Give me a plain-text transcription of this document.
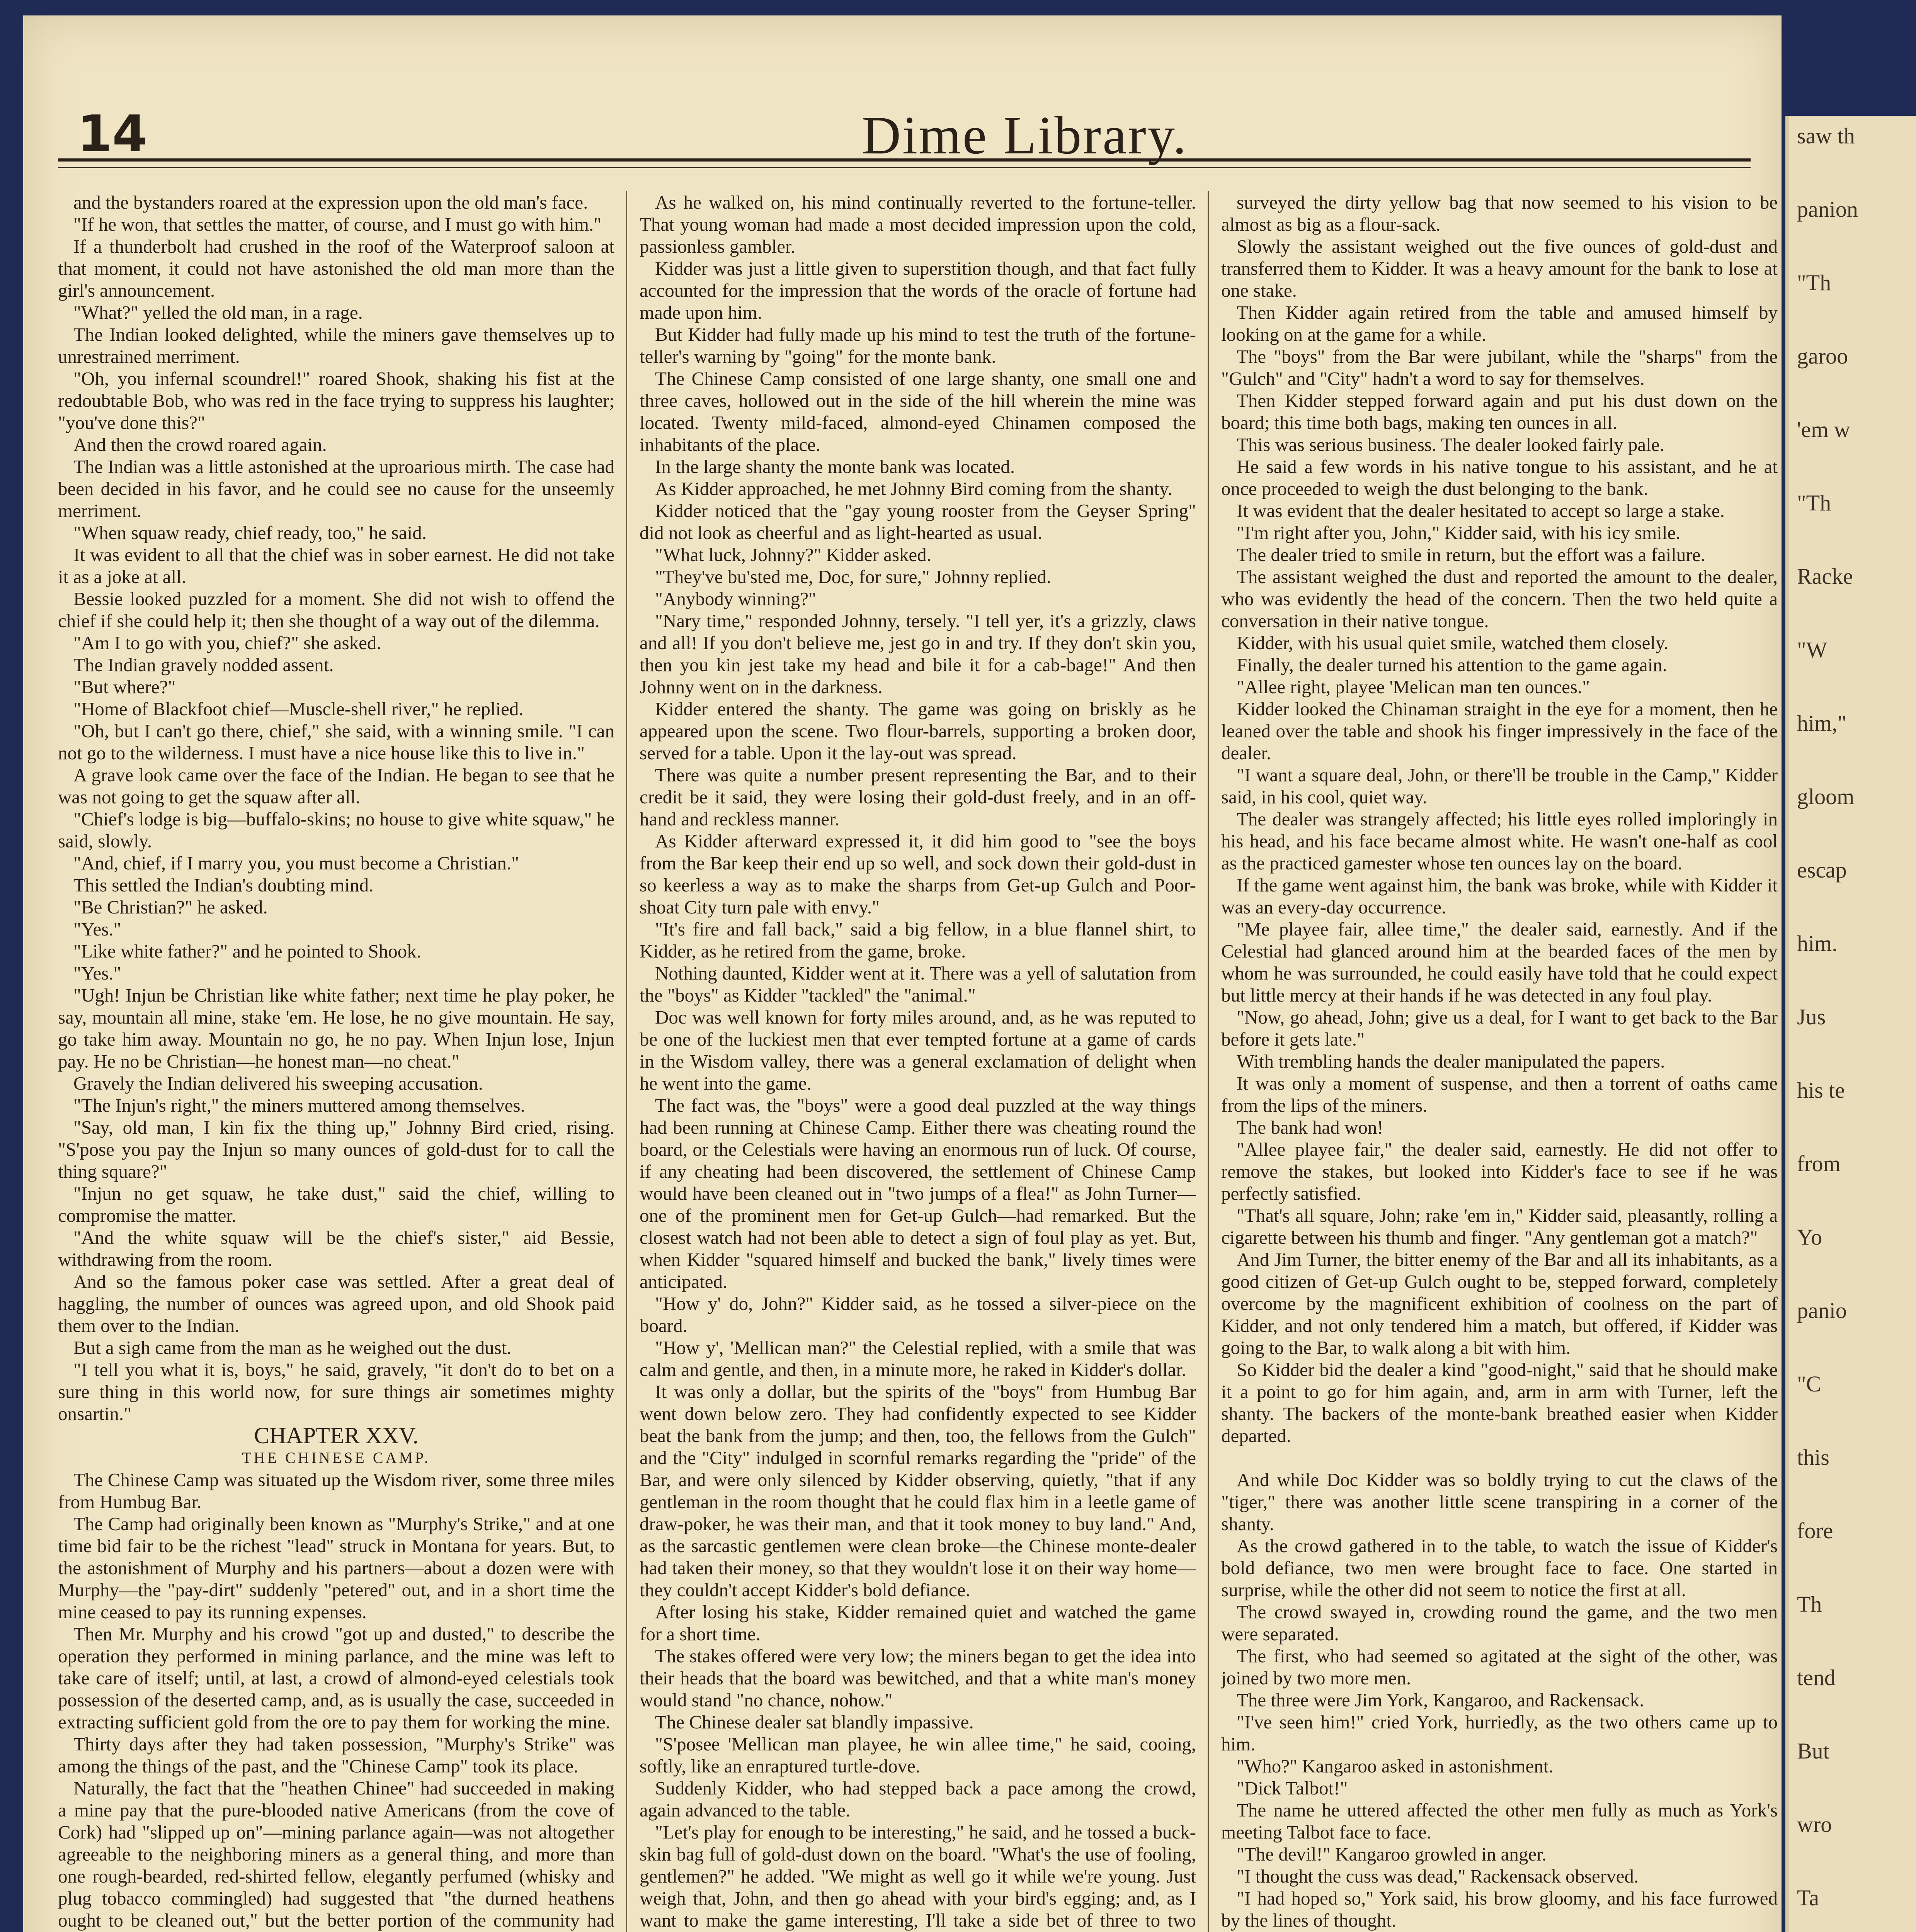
14	Dime Library.

and the bystanders roared at the expression upon the old man's face.

"If he won, that settles the matter, of course, and I must go with him."

If a thunderbolt had crushed in the roof of the Waterproof saloon at that moment, it could not have astonished the old man more than the girl's announcement.

"What?" yelled the old man, in a rage.

The Indian looked delighted, while the miners gave themselves up to unrestrained merriment.

"Oh, you infernal scoundrel!" roared Shook, shaking his fist at the redoubtable Bob, who was red in the face trying to suppress his laughter; "you've done this?"

And then the crowd roared again.

The Indian was a little astonished at the uproarious mirth. The case had been decided in his favor, and he could see no cause for the unseemly merriment.

"When squaw ready, chief ready, too," he said.

It was evident to all that the chief was in sober earnest. He did not take it as a joke at all.

Bessie looked puzzled for a moment. She did not wish to offend the chief if she could help it; then she thought of a way out of the dilemma.

"Am I to go with you, chief?" she asked.

The Indian gravely nodded assent.

"But where?"

"Home of Blackfoot chief—Muscle-shell river," he replied.

"Oh, but I can't go there, chief," she said, with a winning smile. "I can not go to the wilderness. I must have a nice house like this to live in."

A grave look came over the face of the Indian. He began to see that he was not going to get the squaw after all.

"Chief's lodge is big—buffalo-skins; no house to give white squaw," he said, slowly.

"And, chief, if I marry you, you must become a Christian."

This settled the Indian's doubting mind.

"Be Christian?" he asked.

"Yes."

"Like white father?" and he pointed to Shook.

"Yes."

"Ugh! Injun be Christian like white father; next time he play poker, he say, mountain all mine, stake 'em. He lose, he no give mountain. He say, go take him away. Mountain no go, he no pay. When Injun lose, Injun pay. He no be Christian—he honest man—no cheat."

Gravely the Indian delivered his sweeping accusation.

"The Injun's right," the miners muttered among themselves.

"Say, old man, I kin fix the thing up," Johnny Bird cried, rising. "S'pose you pay the Injun so many ounces of gold-dust for to call the thing square?"

"Injun no get squaw, he take dust," said the chief, willing to compromise the matter.

"And the white squaw will be the chief's sister," aid Bessie, withdrawing from the room.

And so the famous poker case was settled. After a great deal of haggling, the number of ounces was agreed upon, and old Shook paid them over to the Indian.

But a sigh came from the man as he weighed out the dust.

"I tell you what it is, boys," he said, gravely, "it don't do to bet on a sure thing in this world now, for sure things air sometimes mighty onsartin."

CHAPTER XXV.

THE CHINESE CAMP.

The Chinese Camp was situated up the Wisdom river, some three miles from Humbug Bar.

The Camp had originally been known as "Murphy's Strike," and at one time bid fair to be the richest "lead" struck in Montana for years. But, to the astonishment of Murphy and his partners—about a dozen were with Murphy—the "pay-dirt" suddenly "petered" out, and in a short time the mine ceased to pay its running expenses.

Then Mr. Murphy and his crowd "got up and dusted," to describe the operation they performed in mining parlance, and the mine was left to take care of itself; until, at last, a crowd of almond-eyed celestials took possession of the deserted camp, and, as is usually the case, succeeded in extracting sufficient gold from the ore to pay them for working the mine.

Thirty days after they had taken possession, "Murphy's Strike" was among the things of the past, and the "Chinese Camp" took its place.

Naturally, the fact that the "heathen Chinee" had succeeded in making a mine pay that the pure-blooded native Americans (from the cove of Cork) had "slipped up on"—mining parlance again—was not altogether agreeable to the neighboring miners as a general thing, and more than one rough-bearded, red-shirted fellow, elegantly perfumed (whisky and plug tobacco commingled) had suggested that "the durned heathens ought to be cleaned out," but the better portion of the community had

As he walked on, his mind continually reverted to the fortune-teller. That young woman had made a most decided impression upon the cold, passionless gambler.

Kidder was just a little given to superstition though, and that fact fully accounted for the impression that the words of the oracle of fortune had made upon him.

But Kidder had fully made up his mind to test the truth of the fortune-teller's warning by "going" for the monte bank.

The Chinese Camp consisted of one large shanty, one small one and three caves, hollowed out in the side of the hill wherein the mine was located. Twenty mild-faced, almond-eyed Chinamen composed the inhabitants of the place.

In the large shanty the monte bank was located.

As Kidder approached, he met Johnny Bird coming from the shanty.

Kidder noticed that the "gay young rooster from the Geyser Spring" did not look as cheerful and as light-hearted as usual.

"What luck, Johnny?" Kidder asked.

"They've bu'sted me, Doc, for sure," Johnny replied.

"Anybody winning?"

"Nary time," responded Johnny, tersely. "I tell yer, it's a grizzly, claws and all! If you don't believe me, jest go in and try. If they don't skin you, then you kin jest take my head and bile it for a cab-bage!" And then Johnny went on in the darkness.

Kidder entered the shanty. The game was going on briskly as he appeared upon the scene. Two flour-barrels, supporting a broken door, served for a table. Upon it the lay-out was spread.

There was quite a number present representing the Bar, and to their credit be it said, they were losing their gold-dust freely, and in an off-hand and reckless manner.

As Kidder afterward expressed it, it did him good to "see the boys from the Bar keep their end up so well, and sock down their gold-dust in so keerless a way as to make the sharps from Get-up Gulch and Poor-shoat City turn pale with envy."

"It's fire and fall back," said a big fellow, in a blue flannel shirt, to Kidder, as he retired from the game, broke.

Nothing daunted, Kidder went at it. There was a yell of salutation from the "boys" as Kidder "tackled" the "animal."

Doc was well known for forty miles around, and, as he was reputed to be one of the luckiest men that ever tempted fortune at a game of cards in the Wisdom valley, there was a general exclamation of delight when he went into the game.

The fact was, the "boys" were a good deal puzzled at the way things had been running at Chinese Camp. Either there was cheating round the board, or the Celestials were having an enormous run of luck. Of course, if any cheating had been discovered, the settlement of Chinese Camp would have been cleaned out in "two jumps of a flea!" as John Turner—one of the prominent men for Get-up Gulch—had remarked. But the closest watch had not been able to detect a sign of foul play as yet. But, when Kidder "squared himself and bucked the bank," lively times were anticipated.

"How y' do, John?" Kidder said, as he tossed a silver-piece on the board.

"How y', 'Mellican man?" the Celestial replied, with a smile that was calm and gentle, and then, in a minute more, he raked in Kidder's dollar.

It was only a dollar, but the spirits of the "boys" from Humbug Bar went down below zero. They had confidently expected to see Kidder beat the bank from the jump; and then, too, the fellows from the Gulch" and the "City" indulged in scornful remarks regarding the "pride" of the Bar, and were only silenced by Kidder observing, quietly, "that if any gentleman in the room thought that he could flax him in a leetle game of draw-poker, he was their man, and that it took money to buy land." And, as the sarcastic gentlemen were clean broke—the Chinese monte-dealer had taken their money, so that they wouldn't lose it on their way home—they couldn't accept Kidder's bold defiance.

After losing his stake, Kidder remained quiet and watched the game for a short time.

The stakes offered were very low; the miners began to get the idea into their heads that the board was bewitched, and that a white man's money would stand "no chance, nohow."

The Chinese dealer sat blandly impassive.

"S'posee 'Mellican man playee, he win allee time," he said, cooing, softly, like an enraptured turtle-dove.

Suddenly Kidder, who had stepped back a pace among the crowd, again advanced to the table.

"Let's play for enough to be interesting," he said, and he tossed a buck-skin bag full of gold-dust down on the board. "What's the use of fooling, gentlemen?" he added. "We might as well go it while we're young. Just weigh that, John, and then go ahead with your bird's egging; and, as I want to make the game interesting, I'll take a side bet of three to two

surveyed the dirty yellow bag that now seemed to his vision to be almost as big as a flour-sack.

Slowly the assistant weighed out the five ounces of gold-dust and transferred them to Kidder. It was a heavy amount for the bank to lose at one stake.

Then Kidder again retired from the table and amused himself by looking on at the game for a while.

The "boys" from the Bar were jubilant, while the "sharps" from the "Gulch" and "City" hadn't a word to say for themselves.

Then Kidder stepped forward again and put his dust down on the board; this time both bags, making ten ounces in all.

This was serious business. The dealer looked fairly pale.

He said a few words in his native tongue to his assistant, and he at once proceeded to weigh the dust belonging to the bank.

It was evident that the dealer hesitated to accept so large a stake.

"I'm right after you, John," Kidder said, with his icy smile.

The dealer tried to smile in return, but the effort was a failure.

The assistant weighed the dust and reported the amount to the dealer, who was evidently the head of the concern. Then the two held quite a conversation in their native tongue.

Kidder, with his usual quiet smile, watched them closely.

Finally, the dealer turned his attention to the game again.

"Allee right, playee 'Melican man ten ounces."

Kidder looked the Chinaman straight in the eye for a moment, then he leaned over the table and shook his finger impressively in the face of the dealer.

"I want a square deal, John, or there'll be trouble in the Camp," Kidder said, in his cool, quiet way.

The dealer was strangely affected; his little eyes rolled imploringly in his head, and his face became almost white. He wasn't one-half as cool as the practiced gamester whose ten ounces lay on the board.

If the game went against him, the bank was broke, while with Kidder it was an every-day occurrence.

"Me playee fair, allee time," the dealer said, earnestly. And if the Celestial had glanced around him at the bearded faces of the men by whom he was surrounded, he could easily have told that he could expect but little mercy at their hands if he was detected in any foul play.

"Now, go ahead, John; give us a deal, for I want to get back to the Bar before it gets late."

With trembling hands the dealer manipulated the papers.

It was only a moment of suspense, and then a torrent of oaths came from the lips of the miners.

The bank had won!

"Allee playee fair," the dealer said, earnestly. He did not offer to remove the stakes, but looked into Kidder's face to see if he was perfectly satisfied.

"That's all square, John; rake 'em in," Kidder said, pleasantly, rolling a cigarette between his thumb and finger. "Any gentleman got a match?"

And Jim Turner, the bitter enemy of the Bar and all its inhabitants, as a good citizen of Get-up Gulch ought to be, stepped forward, completely overcome by the magnificent exhibition of coolness on the part of Kidder, and not only tendered him a match, but offered, if Kidder was going to the Bar, to walk along a bit with him.

So Kidder bid the dealer a kind "good-night," said that he should make it a point to go for him again, and, arm in arm with Turner, left the shanty. The backers of the monte-bank breathed easier when Kidder departed.

And while Doc Kidder was so boldly trying to cut the claws of the "tiger," there was another little scene transpiring in a corner of the shanty.

As the crowd gathered in to the table, to watch the issue of Kidder's bold defiance, two men were brought face to face. One started in surprise, while the other did not seem to notice the first at all.

The crowd swayed in, crowding round the game, and the two men were separated.

The first, who had seemed so agitated at the sight of the other, was joined by two more men.

The three were Jim York, Kangaroo, and Rackensack.

"I've seen him!" cried York, hurriedly, as the two others came up to him.

"Who?" Kangaroo asked in astonishment.

"Dick Talbot!"

The name he uttered affected the other men fully as much as York's meeting Talbot face to face.

"The devil!" Kangaroo growled in anger.

"I thought the cuss was dead," Rackensack observed.

"I had hoped so," York said, his brow gloomy, and his face furrowed by the lines of thought.

saw th
panion
"Th
garoo
'em w
"Th
Racke
"W
him,"
gloom
escap
him.
Jus
his te
from
Yo
panio
"C
this
fore
Th
tend
But
wro
Ta
